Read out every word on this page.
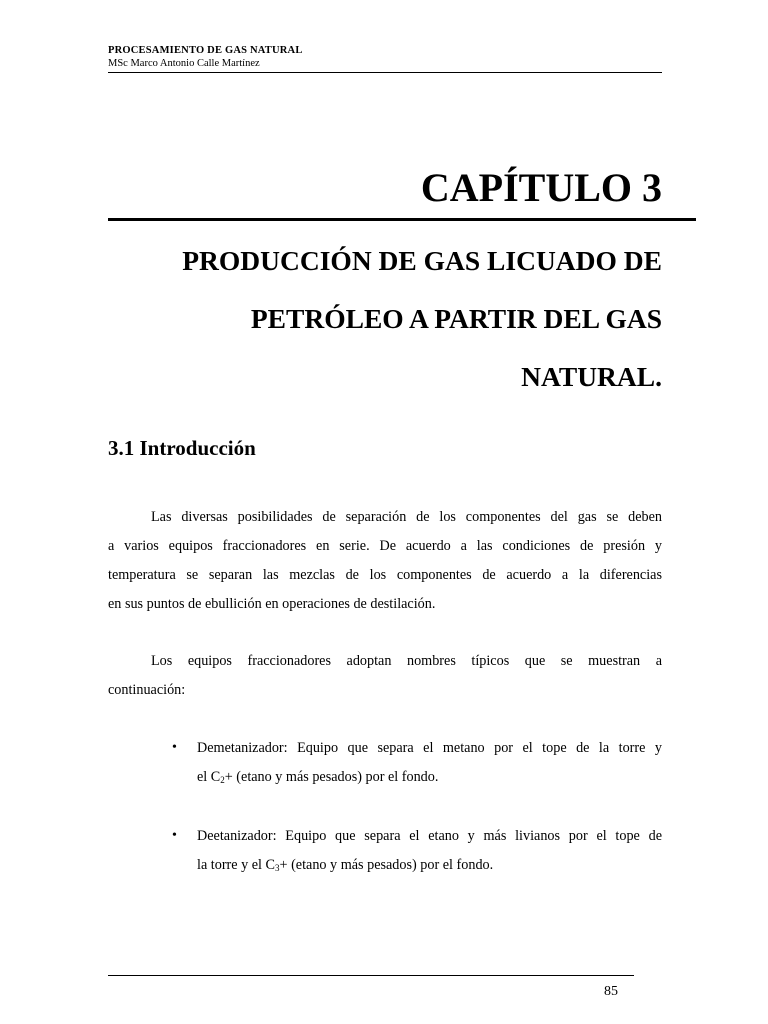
PROCESAMIENTO DE GAS NATURAL
MSc Marco Antonio Calle Martínez
CAPÍTULO 3
PRODUCCIÓN DE GAS LICUADO DE
PETRÓLEO A PARTIR DEL GAS
NATURAL.
3.1 Introducción
Las diversas posibilidades de separación de los componentes del gas se deben
a varios equipos fraccionadores en serie. De acuerdo a las condiciones de presión y
temperatura se separan las mezclas de los componentes de acuerdo a la diferencias
en sus puntos de ebullición en operaciones de destilación.
Los equipos fraccionadores adoptan nombres típicos que se muestran a
continuación:
• Demetanizador: Equipo que separa el metano por el tope de la torre y
el $C_2+ (etano$ y más pesados) por el fondo.
• Deetanizador: Equipo que separa el etano y más livianos por el tope de
la torre y el $C_3+ (etano$ y más pesados) por el fondo.
85
